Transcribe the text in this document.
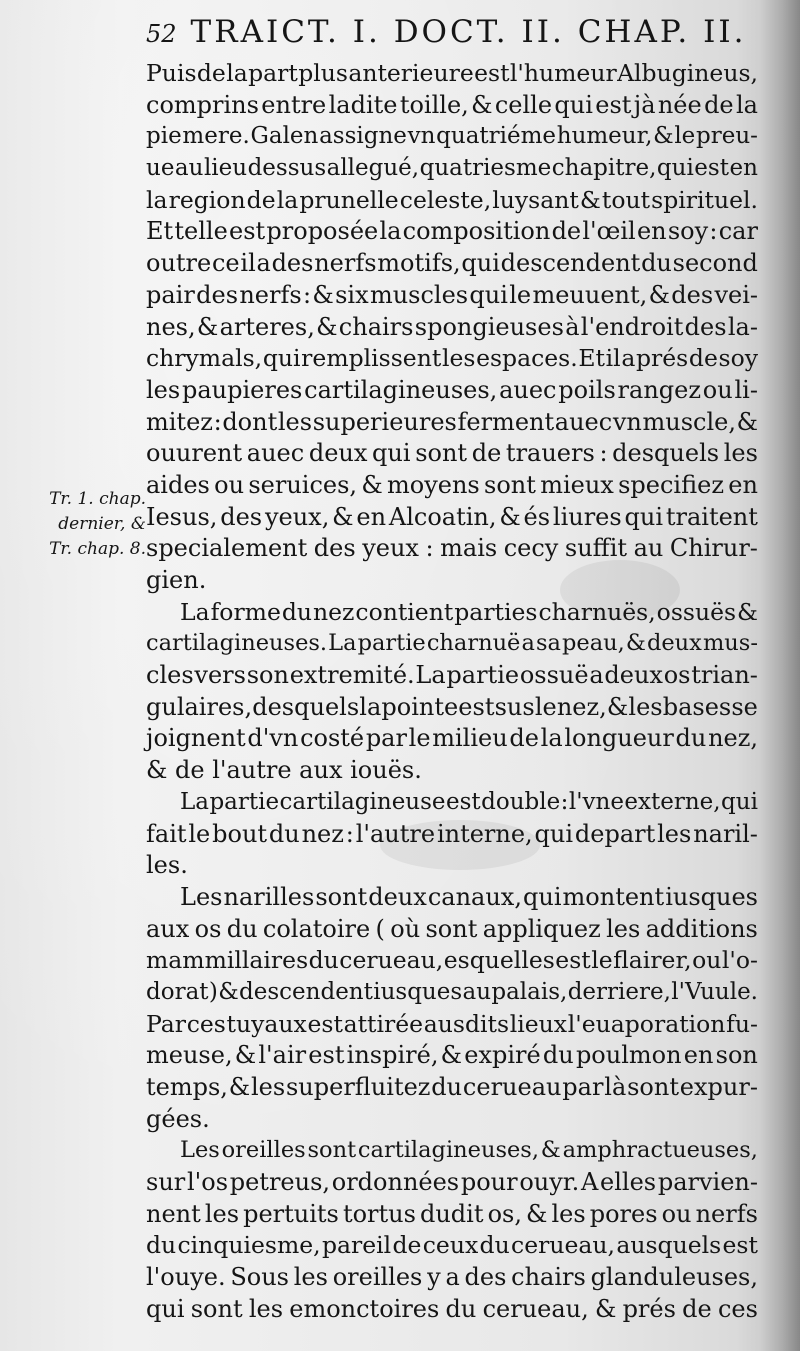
52 TRAICT. I. DOCT. II. CHAP. II.
Tr. 1. chap.
dernier, &
Tr. chap. 8.
Puis de la part plus anterieure est l'humeur Albugineus,
comprins entre ladite toille, & celle qui est jà née de la
pie mere. Galen assigne vn quatriéme humeur, & le preu-
ue au lieu dessus allegué, quatriesme chapitre, qui est en
la region de la prunelle celeste, luysant & tout spirituel.
Et telle est proposée la composition de l'œil en soy : car
outre ce il a des nerfs motifs, qui descendent du second
pair des nerfs : & six muscles qui le meuuent, & des vei-
nes, & arteres, & chairs spongieuses à l'endroit des la-
chrymals, qui remplissent les espaces. Et il a prés de soy
les paupieres cartilagineuses, auec poils rangez ou li-
mitez : dont les superieures ferment auec vn muscle, &
ouurent auec deux qui sont de trauers : desquels les
aides ou seruices, & moyens sont mieux specifiez en
Iesus, des yeux, & en Alcoatin, & és liures qui traitent
specialement des yeux : mais cecy suffit au Chirur-
gien.
La forme du nez contient parties charnuës, ossuës &
cartilagineuses. La partie charnuë a sa peau, & deux mus-
cles vers son extremité. La partie ossuë a deux os trian-
gulaires, desquels la pointe est sus le nez, & les bases se
joignent d'vn costé par le milieu de la longueur du nez,
& de l'autre aux iouës.
La partie cartilagineuse est double : l'vne externe, qui
fait le bout du nez : l'autre interne, qui depart les naril-
les.
Les narilles sont deux canaux, qui montent iusques
aux os du colatoire ( où sont appliquez les additions
mammillaires du cerueau, esquelles est le flairer, ou l'o-
dorat ) & descendent iusques au palais, derriere, l'Vuule.
Par ces tuyaux est attirée ausdits lieux l'euaporation fu-
meuse, & l'air est inspiré, & expiré du poulmon en son
temps, & les superfluitez du cerueau par là sont expur-
gées.
Les oreilles sont cartilagineuses, & amphractueuses,
sur l'os petreus, ordonnées pour ouyr. A elles parvien-
nent les pertuits tortus dudit os, & les pores ou nerfs
du cinquiesme, pareil de ceux du cerueau, ausquels est
l'ouye. Sous les oreilles y a des chairs glanduleuses,
qui sont les emonctoires du cerueau, & prés de ces
